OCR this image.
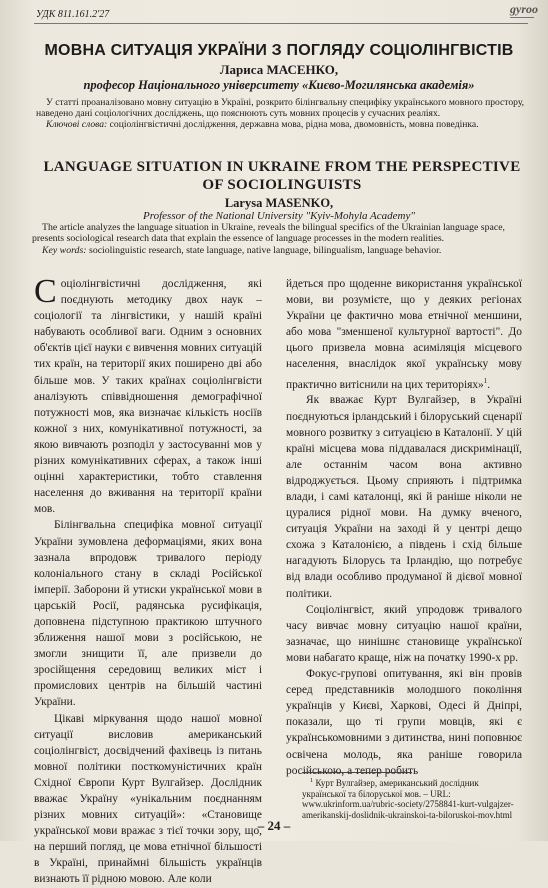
УДК 811.161.2'27	gyroo
МОВНА СИТУАЦІЯ УКРАЇНИ З ПОГЛЯДУ СОЦІОЛІНГВІСТІВ
Лариса МАСЕНКО,
професор Національного університету «Києво-Могилянська академія»
У статті проаналізовано мовну ситуацію в Україні, розкрито білінгвальну специфіку українського мовного простору, наведено дані соціологічних досліджень, що пояснюють суть мовних процесів у сучасних реаліях.
Ключові слова: соціолінгвістичні дослідження, державна мова, рідна мова, двомовність, мовна поведінка.
LANGUAGE SITUATION IN UKRAINE FROM THE PERSPECTIVE OF SOCIOLINGUISTS
Larysa MASENKO,
Professor of the National University "Kyiv-Mohyla Academy"
The article analyzes the language situation in Ukraine, reveals the bilingual specifics of the Ukrainian language space, presents sociological research data that explain the essence of language processes in the modern realities.
Key words: sociolinguistic research, state language, native language, bilingualism, language behavior.

Соціолінгвістичні дослідження, які поєднують методику двох наук – соціології та лінгвістики, у нашій країні набувають особливої ваги. Одним з основних об'єктів цієї науки є вивчення мовних ситуацій тих країн, на території яких поширено дві або більше мов. У таких країнах соціолінгвісти аналізують співвідношення демографічної потужності мов, яка визначає кількість носіїв кожної з них, комунікативної потужності, за якою вивчають розподіл у застосуванні мов у різних комунікативних сферах, а також інші оцінні характеристики, тобто ставлення населення до вживання на території країни мов.

Білінгвальна специфіка мовної ситуації України зумовлена деформаціями, яких вона зазнала впродовж тривалого періоду колоніального стану в складі Російської імперії. Заборони й утиски української мови в царській Росії, радянська русифікація, доповнена підступною практикою штучного зближення нашої мови з російською, не змогли знищити її, але призвели до зросійщення середовищ великих міст і промислових центрів на більшій частині України.

Цікаві міркування щодо нашої мовної ситуації висловив американський соціолінгвіст, досвідчений фахівець із питань мовної політики посткомуністичних країн Східної Європи Курт Вулгайзер. Дослідник вважає Україну «унікальним поєднанням різних мовних ситуацій»: «Становище української мови вражає з тієї точки зору, що, на перший погляд, це мова етнічної більшості в Україні, принаймні більшість українців визнають її рідною мовою. Але коли

йдеться про щоденне використання української мови, ви розумієте, що у деяких регіонах України це фактично мова етнічної меншини, або мова "зменшеної культурної вартості". До цього призвела мовна асиміляція місцевого населення, внаслідок якої українську мову практично витіснили на цих територіях»$^1$.

Як вважає Курт Вулгайзер, в Україні поєднуються ірландський і білоруський сценарії мовного розвитку з ситуацією в Каталонії. У цій країні місцева мова піддавалася дискримінації, але останнім часом вона активно відроджується. Цьому сприяють і підтримка влади, і самі каталонці, які й раніше ніколи не цуралися рідної мови. На думку вченого, ситуація України на заході й у центрі дещо схожа з Каталонією, а південь і схід більше нагадують Білорусь та Ірландію, що потребує від влади особливо продуманої й дієвої мовної політики.

Соціолінгвіст, який упродовж тривалого часу вивчає мовну ситуацію нашої країни, зазначає, що нинішнє становище української мови набагато краще, ніж на початку 1990-х рр.

Фокус-групові опитування, які він провів серед представників молодшого покоління українців у Києві, Харкові, Одесі й Дніпрі, показали, що ті групи мовців, які є українськомовними з дитинства, нині поповнює освічена молодь, яка раніше говорила російською, а тепер робить

$^1$ Курт Вулгайзер, американський дослідник української та білоруської мов. – URL: www.ukrinform.ua/rubric-society/2758841-kurt-vulgajzer-amerikanskij-doslidnik-ukrainskoi-ta-biloruskoi-mov.html
– 24 –
